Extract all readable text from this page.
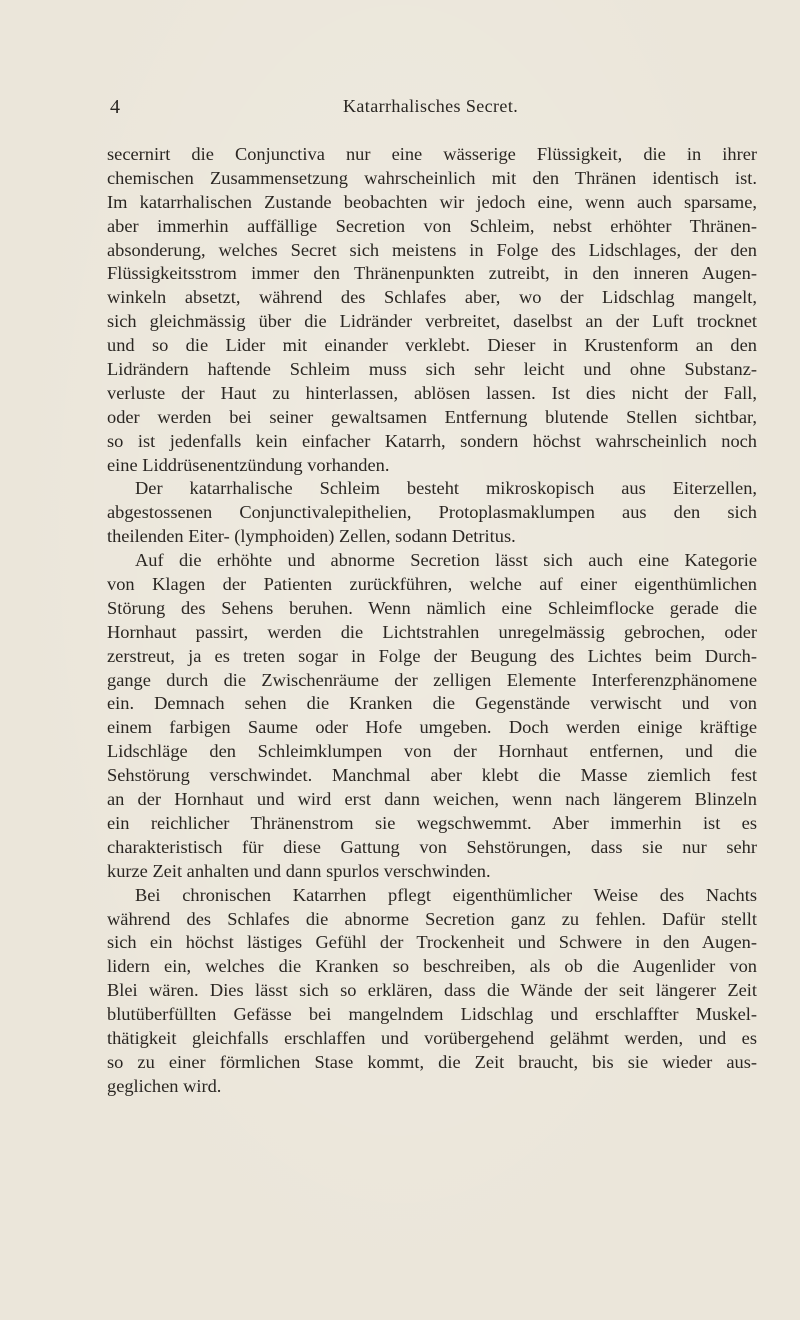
4	Katarrhalisches Secret.
secernirt die Conjunctiva nur eine wässerige Flüssigkeit, die in ihrer
chemischen Zusammensetzung wahrscheinlich mit den Thränen identisch ist.
Im katarrhalischen Zustande beobachten wir jedoch eine, wenn auch sparsame,
aber immerhin auffällige Secretion von Schleim, nebst erhöhter Thränen-
absonderung, welches Secret sich meistens in Folge des Lidschlages, der den
Flüssigkeitsstrom immer den Thränenpunkten zutreibt, in den inneren Augen-
winkeln absetzt, während des Schlafes aber, wo der Lidschlag mangelt,
sich gleichmässig über die Lidränder verbreitet, daselbst an der Luft trocknet
und so die Lider mit einander verklebt. Dieser in Krustenform an den
Lidrändern haftende Schleim muss sich sehr leicht und ohne Substanz-
verluste der Haut zu hinterlassen, ablösen lassen. Ist dies nicht der Fall,
oder werden bei seiner gewaltsamen Entfernung blutende Stellen sichtbar,
so ist jedenfalls kein einfacher Katarrh, sondern höchst wahrscheinlich noch
eine Liddrüsenentzündung vorhanden.
Der katarrhalische Schleim besteht mikroskopisch aus Eiterzellen,
abgestossenen Conjunctivalepithelien, Protoplasmaklumpen aus den sich
theilenden Eiter- (lymphoiden) Zellen, sodann Detritus.
Auf die erhöhte und abnorme Secretion lässt sich auch eine Kategorie
von Klagen der Patienten zurückführen, welche auf einer eigenthümlichen
Störung des Sehens beruhen. Wenn nämlich eine Schleimflocke gerade die
Hornhaut passirt, werden die Lichtstrahlen unregelmässig gebrochen, oder
zerstreut, ja es treten sogar in Folge der Beugung des Lichtes beim Durch-
gange durch die Zwischenräume der zelligen Elemente Interferenzphänomene
ein. Demnach sehen die Kranken die Gegenstände verwischt und von
einem farbigen Saume oder Hofe umgeben. Doch werden einige kräftige
Lidschläge den Schleimklumpen von der Hornhaut entfernen, und die
Sehstörung verschwindet. Manchmal aber klebt die Masse ziemlich fest
an der Hornhaut und wird erst dann weichen, wenn nach längerem Blinzeln
ein reichlicher Thränenstrom sie wegschwemmt. Aber immerhin ist es
charakteristisch für diese Gattung von Sehstörungen, dass sie nur sehr
kurze Zeit anhalten und dann spurlos verschwinden.
Bei chronischen Katarrhen pflegt eigenthümlicher Weise des Nachts
während des Schlafes die abnorme Secretion ganz zu fehlen. Dafür stellt
sich ein höchst lästiges Gefühl der Trockenheit und Schwere in den Augen-
lidern ein, welches die Kranken so beschreiben, als ob die Augenlider von
Blei wären. Dies lässt sich so erklären, dass die Wände der seit längerer Zeit
blutüberfüllten Gefässe bei mangelndem Lidschlag und erschlaffter Muskel-
thätigkeit gleichfalls erschlaffen und vorübergehend gelähmt werden, und es
so zu einer förmlichen Stase kommt, die Zeit braucht, bis sie wieder aus-
geglichen wird.
